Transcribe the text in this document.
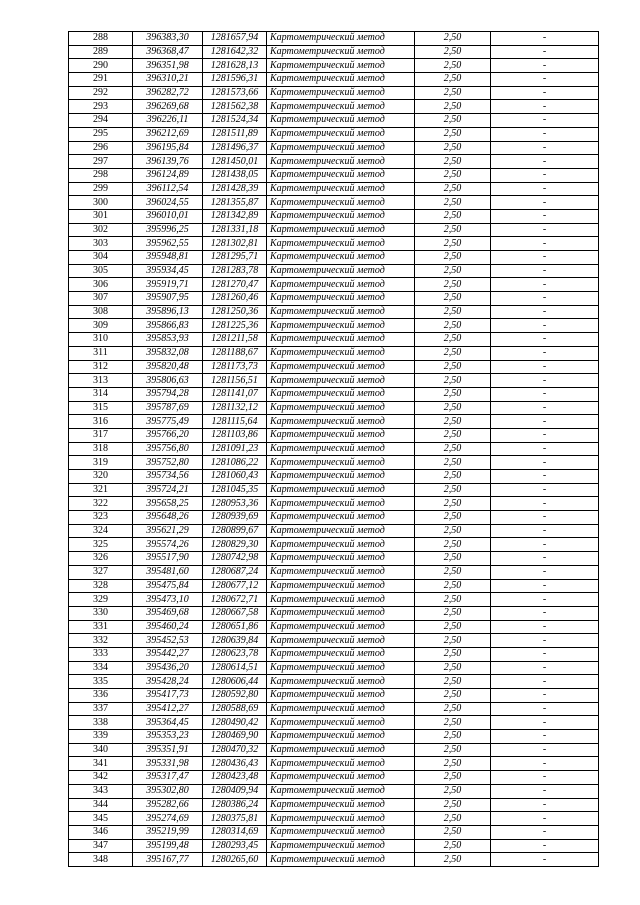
288	396383,30	1281657,94	Картометрический метод	2,50	-
289	396368,47	1281642,32	Картометрический метод	2,50	-
290	396351,98	1281628,13	Картометрический метод	2,50	-
291	396310,21	1281596,31	Картометрический метод	2,50	-
292	396282,72	1281573,66	Картометрический метод	2,50	-
293	396269,68	1281562,38	Картометрический метод	2,50	-
294	396226,11	1281524,34	Картометрический метод	2,50	-
295	396212,69	1281511,89	Картометрический метод	2,50	-
296	396195,84	1281496,37	Картометрический метод	2,50	-
297	396139,76	1281450,01	Картометрический метод	2,50	-
298	396124,89	1281438,05	Картометрический метод	2,50	-
299	396112,54	1281428,39	Картометрический метод	2,50	-
300	396024,55	1281355,87	Картометрический метод	2,50	-
301	396010,01	1281342,89	Картометрический метод	2,50	-
302	395996,25	1281331,18	Картометрический метод	2,50	-
303	395962,55	1281302,81	Картометрический метод	2,50	-
304	395948,81	1281295,71	Картометрический метод	2,50	-
305	395934,45	1281283,78	Картометрический метод	2,50	-
306	395919,71	1281270,47	Картометрический метод	2,50	-
307	395907,95	1281260,46	Картометрический метод	2,50	-
308	395896,13	1281250,36	Картометрический метод	2,50	-
309	395866,83	1281225,36	Картометрический метод	2,50	-
310	395853,93	1281211,58	Картометрический метод	2,50	-
311	395832,08	1281188,67	Картометрический метод	2,50	-
312	395820,48	1281173,73	Картометрический метод	2,50	-
313	395806,63	1281156,51	Картометрический метод	2,50	-
314	395794,28	1281141,07	Картометрический метод	2,50	-
315	395787,69	1281132,12	Картометрический метод	2,50	-
316	395775,49	1281115,64	Картометрический метод	2,50	-
317	395766,20	1281103,86	Картометрический метод	2,50	-
318	395756,80	1281091,23	Картометрический метод	2,50	-
319	395752,80	1281086,22	Картометрический метод	2,50	-
320	395734,56	1281060,43	Картометрический метод	2,50	-
321	395724,21	1281045,35	Картометрический метод	2,50	-
322	395658,25	1280953,36	Картометрический метод	2,50	-
323	395648,26	1280939,69	Картометрический метод	2,50	-
324	395621,29	1280899,67	Картометрический метод	2,50	-
325	395574,26	1280829,30	Картометрический метод	2,50	-
326	395517,90	1280742,98	Картометрический метод	2,50	-
327	395481,60	1280687,24	Картометрический метод	2,50	-
328	395475,84	1280677,12	Картометрический метод	2,50	-
329	395473,10	1280672,71	Картометрический метод	2,50	-
330	395469,68	1280667,58	Картометрический метод	2,50	-
331	395460,24	1280651,86	Картометрический метод	2,50	-
332	395452,53	1280639,84	Картометрический метод	2,50	-
333	395442,27	1280623,78	Картометрический метод	2,50	-
334	395436,20	1280614,51	Картометрический метод	2,50	-
335	395428,24	1280606,44	Картометрический метод	2,50	-
336	395417,73	1280592,80	Картометрический метод	2,50	-
337	395412,27	1280588,69	Картометрический метод	2,50	-
338	395364,45	1280490,42	Картометрический метод	2,50	-
339	395353,23	1280469,90	Картометрический метод	2,50	-
340	395351,91	1280470,32	Картометрический метод	2,50	-
341	395331,98	1280436,43	Картометрический метод	2,50	-
342	395317,47	1280423,48	Картометрический метод	2,50	-
343	395302,80	1280409,94	Картометрический метод	2,50	-
344	395282,66	1280386,24	Картометрический метод	2,50	-
345	395274,69	1280375,81	Картометрический метод	2,50	-
346	395219,99	1280314,69	Картометрический метод	2,50	-
347	395199,48	1280293,45	Картометрический метод	2,50	-
348	395167,77	1280265,60	Картометрический метод	2,50	-
